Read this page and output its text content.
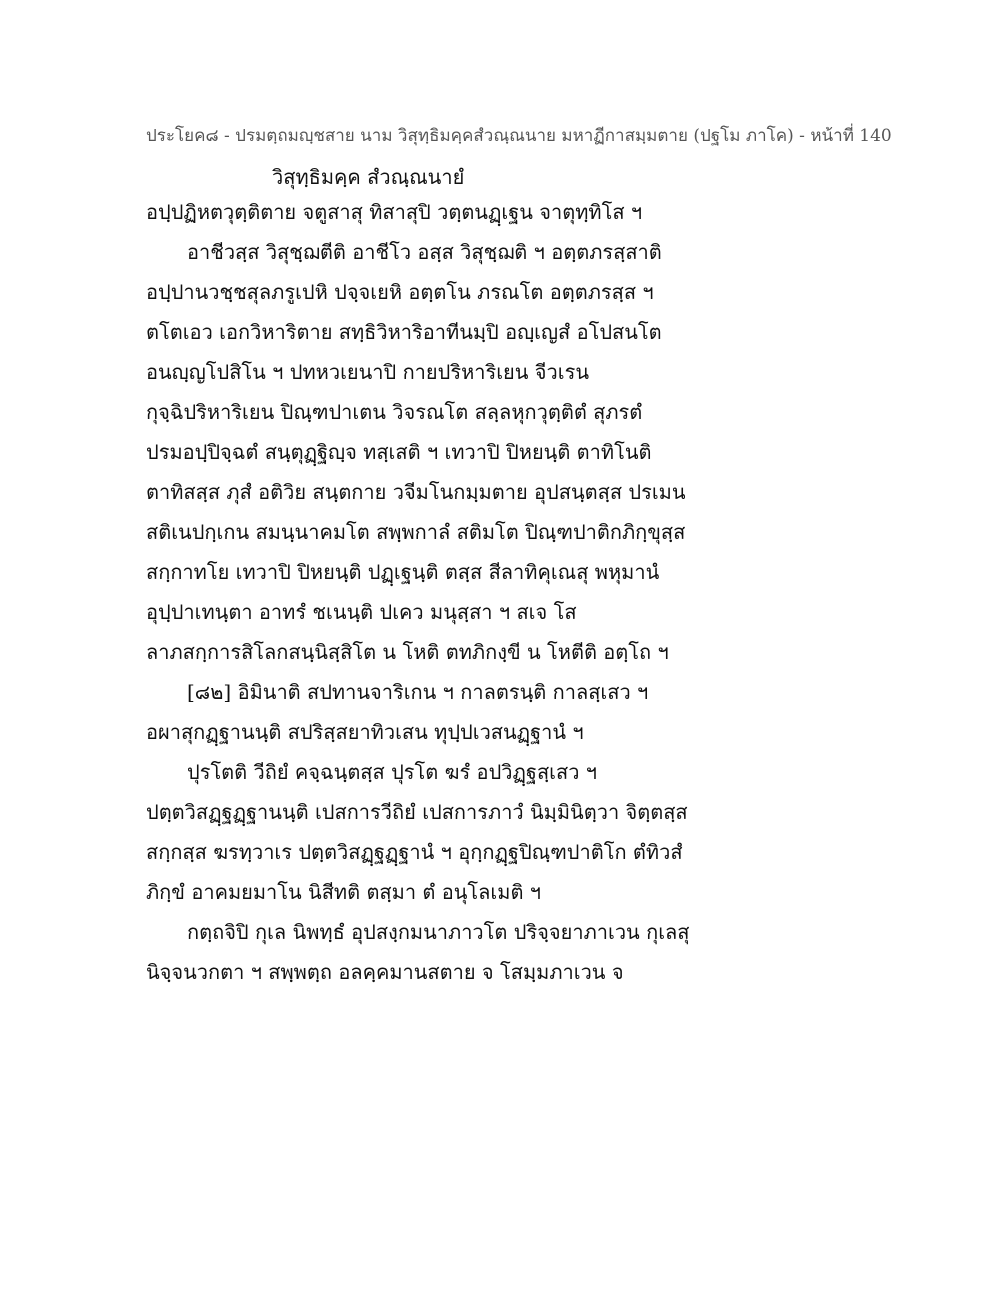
ประโยค๘ - ปรมตฺถมญฺชสาย นาม วิสุทฺธิมคฺคสํวณฺณนาย มหาฏีกาสมฺมตาย (ปฐโม ภาโค) - หน้าที่ 140
วิสุทฺธิมคฺค สํวณฺณนายํ
อปฺปฏิหตวุตฺติตาย จตูสาสุ ทิสาสุปิ วตฺตนฏฺเฐน จาตุทฺทิโส ฯ
อาชีวสฺส วิสุชฺฌตีติ อาชีโว อสฺส วิสุชฺฌติ ฯ อตฺตภรสฺสาติ
อปฺปานวชฺชสุลภรูเปหิ ปจฺจเยหิ อตฺตโน ภรณโต อตฺตภรสฺส ฯ
ตโตเอว เอกวิหาริตาย สทฺธิวิหาริอาทีนมฺปิ อญฺเญสํ อโปสนโต
อนญฺญโปสิโน ฯ ปทหวเยนาปิ กายปริหาริเยน จีวเรน
กุจฺฉิปริหาริเยน ปิณฺฑปาเตน วิจรณโต สลฺลหุกวุตฺติตํ สุภรตํ
ปรมอปฺปิจฺฉตํ สนฺตุฏฺฐิญฺจ ทสฺเสติ ฯ เทวาปิ ปิหยนฺติ ตาทิโนติ
ตาทิสสฺส ภุสํ อติวิย สนฺตกาย วจีมโนกมฺมตาย อุปสนฺตสฺส ปรเมน
สติเนปกฺเกน สมนฺนาคมโต สพฺพกาลํ สติมโต ปิณฺฑปาติกภิกฺขุสฺส
สกฺกาทโย เทวาปิ ปิหยนฺติ ปฏฺเฐนฺติ ตสฺส สีลาทิคุเณสุ พหุมานํ
อุปฺปาเทนฺตา อาทรํ ชเนนฺติ ปเคว มนุสฺสา ฯ สเจ โส
ลาภสกฺการสิโลกสนฺนิสฺสิโต น โหติ ตทภิกงฺขี น โหตีติ อตฺโถ ฯ
[๘๒] อิมินาติ สปทานจาริเกน ฯ กาลตรนฺติ กาลสฺเสว ฯ
อผาสุกฏฺฐานนฺติ สปริสฺสยาทิวเสน ทุปฺปเวสนฏฺฐานํ ฯ
ปุรโตติ วีถิยํ คจฺฉนฺตสฺส ปุรโต ฆรํ อปวิฏฺฐสฺเสว ฯ
ปตฺตวิสฏฺฐฏฺฐานนฺติ เปสการวีถิยํ เปสการภาวํ นิมฺมินิตฺวา จิตฺตสฺส
สกฺกสฺส ฆรทฺวาเร ปตฺตวิสฏฺฐฏฺฐานํ ฯ อุกฺกฏฺฐปิณฺฑปาติโก ตํทิวสํ
ภิกฺขํ อาคมยมาโน นิสีทติ ตสฺมา ตํ อนุโลเมติ ฯ
กตฺถจิปิ กุเล นิพทฺธํ อุปสงฺกมนาภาวโต ปริจฺจยาภาเวน กุเลสุ
นิจฺจนวกตา ฯ สพฺพตฺถ อลคฺคมานสตาย จ โสมฺมภาเวน จ
